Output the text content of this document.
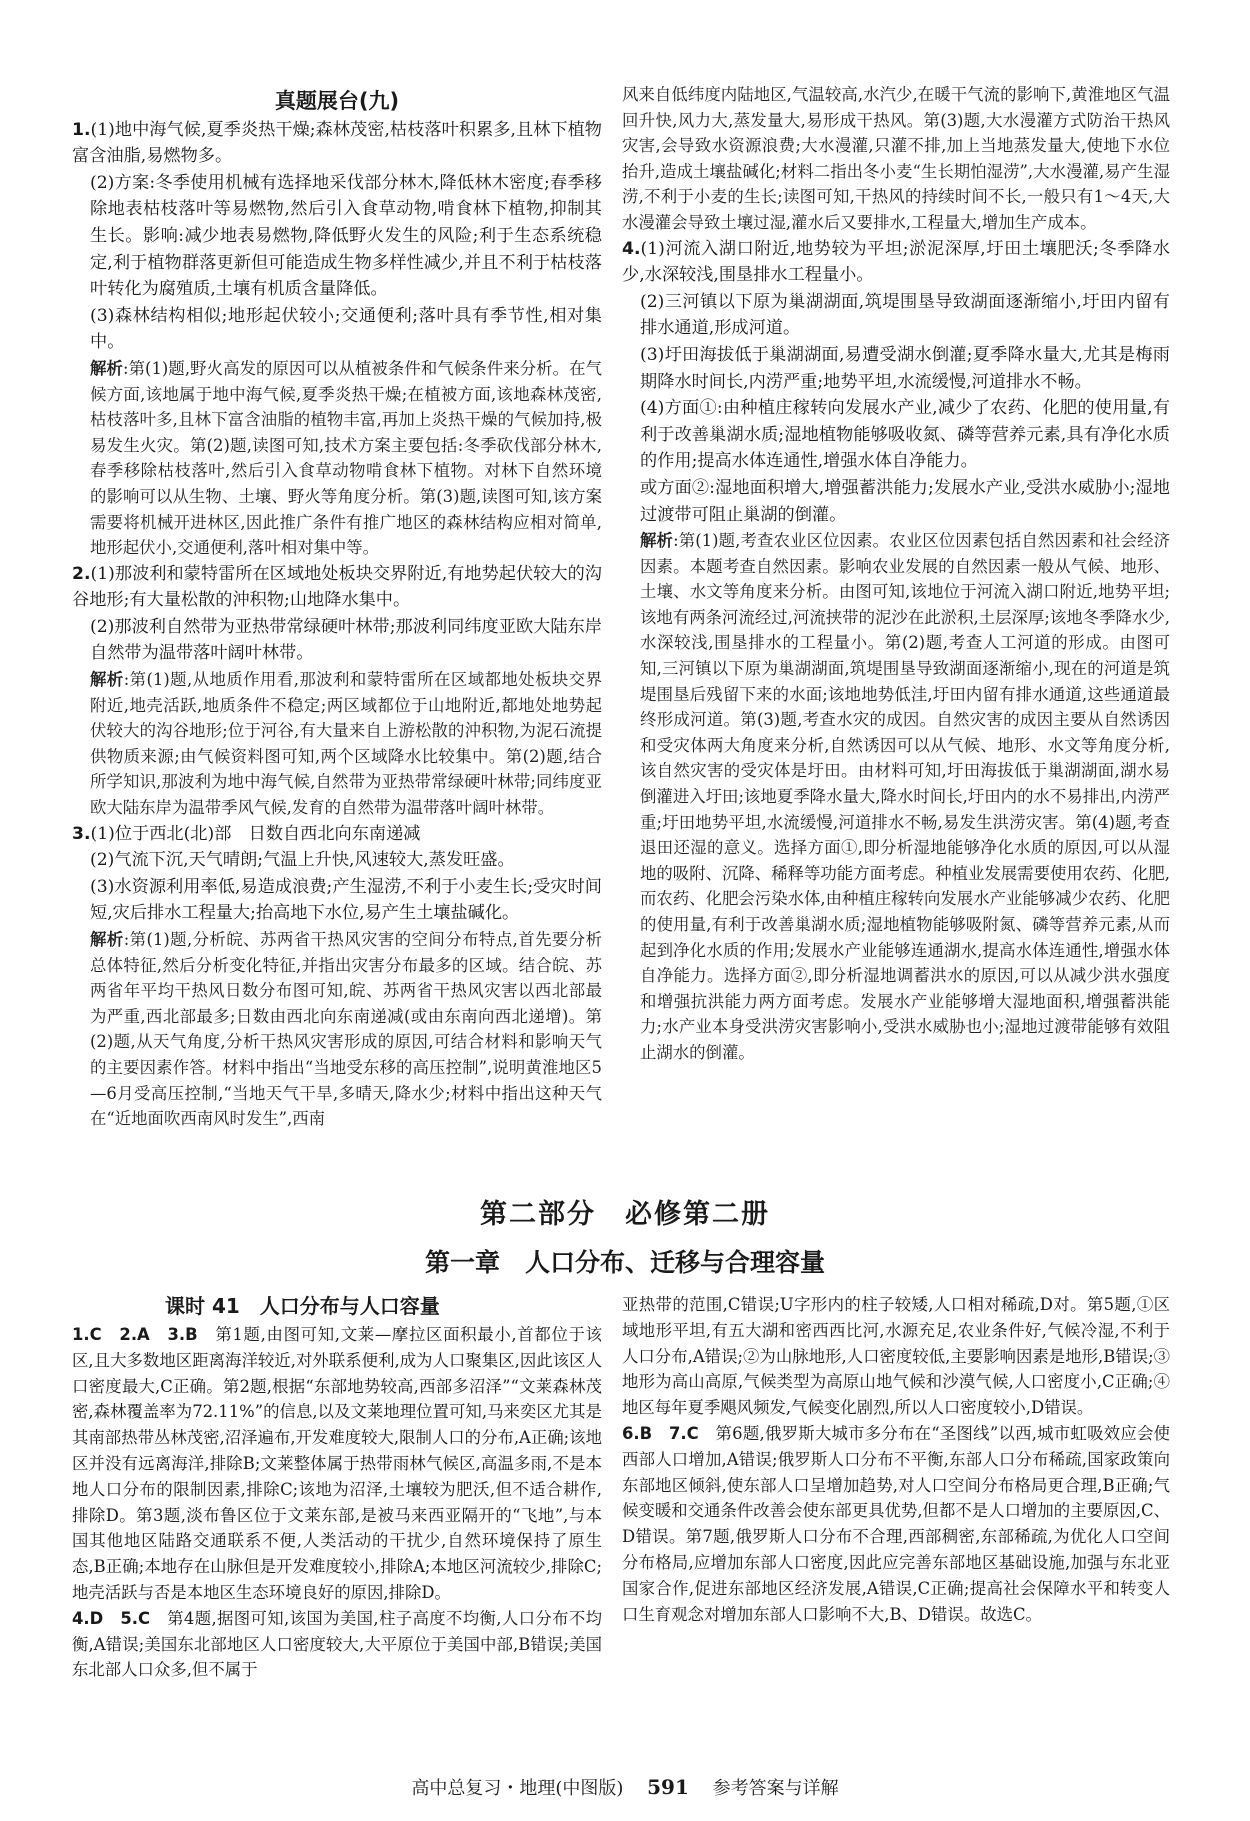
真题展台(九)

1.(1)地中海气候,夏季炎热干燥;森林茂密,枯枝落叶积累多,且林下植物富含油脂,易燃物多。

(2)方案:冬季使用机械有选择地采伐部分林木,降低林木密度;春季移除地表枯枝落叶等易燃物,然后引入食草动物,啃食林下植物,抑制其生长。影响:减少地表易燃物,降低野火发生的风险;利于生态系统稳定,利于植物群落更新但可能造成生物多样性减少,并且不利于枯枝落叶转化为腐殖质,土壤有机质含量降低。

(3)森林结构相似;地形起伏较小;交通便利;落叶具有季节性,相对集中。

解析:第(1)题,野火高发的原因可以从植被条件和气候条件来分析。在气候方面,该地属于地中海气候,夏季炎热干燥;在植被方面,该地森林茂密,枯枝落叶多,且林下富含油脂的植物丰富,再加上炎热干燥的气候加持,极易发生火灾。第(2)题,读图可知,技术方案主要包括:冬季砍伐部分林木,春季移除枯枝落叶,然后引入食草动物啃食林下植物。对林下自然环境的影响可以从生物、土壤、野火等角度分析。第(3)题,读图可知,该方案需要将机械开进林区,因此推广条件有推广地区的森林结构应相对简单,地形起伏小,交通便利,落叶相对集中等。

2.(1)那波利和蒙特雷所在区域地处板块交界附近,有地势起伏较大的沟谷地形;有大量松散的沖积物;山地降水集中。

(2)那波利自然带为亚热带常绿硬叶林带;那波利同纬度亚欧大陆东岸自然带为温带落叶阔叶林带。

解析:第(1)题,从地质作用看,那波利和蒙特雷所在区域都地处板块交界附近,地壳活跃,地质条件不稳定;两区域都位于山地附近,都地处地势起伏较大的沟谷地形;位于河谷,有大量来自上游松散的沖积物,为泥石流提供物质来源;由气候资料图可知,两个区域降水比较集中。第(2)题,结合所学知识,那波利为地中海气候,自然带为亚热带常绿硬叶林带;同纬度亚欧大陆东岸为温带季风气候,发育的自然带为温带落叶阔叶林带。

3.(1)位于西北(北)部　日数自西北向东南递减

(2)气流下沉,天气晴朗;气温上升快,风速较大,蒸发旺盛。

(3)水资源利用率低,易造成浪费;产生湿涝,不利于小麦生长;受灾时间短,灾后排水工程量大;抬高地下水位,易产生土壤盐碱化。

解析:第(1)题,分析皖、苏两省干热风灾害的空间分布特点,首先要分析总体特征,然后分析变化特征,并指出灾害分布最多的区域。结合皖、苏两省年平均干热风日数分布图可知,皖、苏两省干热风灾害以西北部最为严重,西北部最多;日数由西北向东南递减(或由东南向西北递增)。第(2)题,从天气角度,分析干热风灾害形成的原因,可结合材料和影响天气的主要因素作答。材料中指出“当地受东移的高压控制”,说明黄淮地区5—6月受高压控制,“当地天气干旱,多晴天,降水少;材料中指出这种天气在“近地面吹西南风时发生”,西南

风来自低纬度内陆地区,气温较高,水汽少,在暖干气流的影响下,黄淮地区气温回升快,风力大,蒸发量大,易形成干热风。第(3)题,大水漫灌方式防治干热风灾害,会导致水资源浪费;大水漫灌,只灌不排,加上当地蒸发量大,使地下水位抬升,造成土壤盐碱化;材料二指出冬小麦“生长期怕湿涝”,大水漫灌,易产生湿涝,不利于小麦的生长;读图可知,干热风的持续时间不长,一般只有1～4天,大水漫灌会导致土壤过湿,灌水后又要排水,工程量大,增加生产成本。

4.(1)河流入湖口附近,地势较为平坦;淤泥深厚,圩田土壤肥沃;冬季降水少,水深较浅,围垦排水工程量小。

(2)三河镇以下原为巢湖湖面,筑堤围垦导致湖面逐渐缩小,圩田内留有排水通道,形成河道。

(3)圩田海拔低于巢湖湖面,易遭受湖水倒灌;夏季降水量大,尤其是梅雨期降水时间长,内涝严重;地势平坦,水流缓慢,河道排水不畅。

(4)方面①:由种植庄稼转向发展水产业,减少了农药、化肥的使用量,有利于改善巢湖水质;湿地植物能够吸收氮、磷等营养元素,具有净化水质的作用;提高水体连通性,增强水体自净能力。

或方面②:湿地面积增大,增强蓄洪能力;发展水产业,受洪水威胁小;湿地过渡带可阻止巢湖的倒灌。

解析:第(1)题,考查农业区位因素。农业区位因素包括自然因素和社会经济因素。本题考查自然因素。影响农业发展的自然因素一般从气候、地形、土壤、水文等角度来分析。由图可知,该地位于河流入湖口附近,地势平坦;该地有两条河流经过,河流挟带的泥沙在此淤积,土层深厚;该地冬季降水少,水深较浅,围垦排水的工程量小。第(2)题,考查人工河道的形成。由图可知,三河镇以下原为巢湖湖面,筑堤围垦导致湖面逐渐缩小,现在的河道是筑堤围垦后残留下来的水面;该地地势低洼,圩田内留有排水通道,这些通道最终形成河道。第(3)题,考查水灾的成因。自然灾害的成因主要从自然诱因和受灾体两大角度来分析,自然诱因可以从气候、地形、水文等角度分析,该自然灾害的受灾体是圩田。由材料可知,圩田海拔低于巢湖湖面,湖水易倒灌进入圩田;该地夏季降水量大,降水时间长,圩田内的水不易排出,内涝严重;圩田地势平坦,水流缓慢,河道排水不畅,易发生洪涝灾害。第(4)题,考查退田还湿的意义。选择方面①,即分析湿地能够净化水质的原因,可以从湿地的吸附、沉降、稀释等功能方面考虑。种植业发展需要使用农药、化肥,而农药、化肥会污染水体,由种植庄稼转向发展水产业能够减少农药、化肥的使用量,有利于改善巢湖水质;湿地植物能够吸附氮、磷等营养元素,从而起到净化水质的作用;发展水产业能够连通湖水,提高水体连通性,增强水体自净能力。选择方面②,即分析湿地调蓄洪水的原因,可以从减少洪水强度和增强抗洪能力两方面考虑。发展水产业能够增大湿地面积,增强蓄洪能力;水产业本身受洪涝灾害影响小,受洪水威胁也小;湿地过渡带能够有效阻止湖水的倒灌。

第二部分　必修第二册
第一章　人口分布、迁移与合理容量
课时 41　人口分布与人口容量

1.C　2.A　3.B　第1题,由图可知,文莱—摩拉区面积最小,首都位于该区,且大多数地区距离海洋较近,对外联系便利,成为人口聚集区,因此该区人口密度最大,C正确。第2题,根据“东部地势较高,西部多沼泽”“文莱森林茂密,森林覆盖率为72.11%”的信息,以及文莱地理位置可知,马来奕区尤其是其南部热带丛林茂密,沼泽遍布,开发难度较大,限制人口的分布,A正确;该地区并没有远离海洋,排除B;文莱整体属于热带雨林气候区,高温多雨,不是本地人口分布的限制因素,排除C;该地为沼泽,土壤较为肥沃,但不适合耕作,排除D。第3题,淡布鲁区位于文莱东部,是被马来西亚隔开的“飞地”,与本国其他地区陆路交通联系不便,人类活动的干扰少,自然环境保持了原生态,B正确;本地存在山脉但是开发难度较小,排除A;本地区河流较少,排除C;地壳活跃与否是本地区生态环境良好的原因,排除D。

4.D　5.C　第4题,据图可知,该国为美国,柱子高度不均衡,人口分布不均衡,A错误;美国东北部地区人口密度较大,大平原位于美国中部,B错误;美国东北部人口众多,但不属于

亚热带的范围,C错误;U字形内的柱子较矮,人口相对稀疏,D对。第5题,①区域地形平坦,有五大湖和密西西比河,水源充足,农业条件好,气候冷湿,不利于人口分布,A错误;②为山脉地形,人口密度较低,主要影响因素是地形,B错误;③地形为高山高原,气候类型为高原山地气候和沙漠气候,人口密度小,C正确;④地区每年夏季飓风频发,气候变化剧烈,所以人口密度较小,D错误。

6.B　7.C　第6题,俄罗斯大城市多分布在“圣图线”以西,城市虹吸效应会使西部人口增加,A错误;俄罗斯人口分布不平衡,东部人口分布稀疏,国家政策向东部地区倾斜,使东部人口呈增加趋势,对人口空间分布格局更合理,B正确;气候变暖和交通条件改善会使东部更具优势,但都不是人口增加的主要原因,C、D错误。第7题,俄罗斯人口分布不合理,西部稠密,东部稀疏,为优化人口空间分布格局,应增加东部人口密度,因此应完善东部地区基础设施,加强与东北亚国家合作,促进东部地区经济发展,A错误,C正确;提高社会保障水平和转变人口生育观念对增加东部人口影响不大,B、D错误。故选C。

高中总复习・地理(中图版) 591 参考答案与详解
